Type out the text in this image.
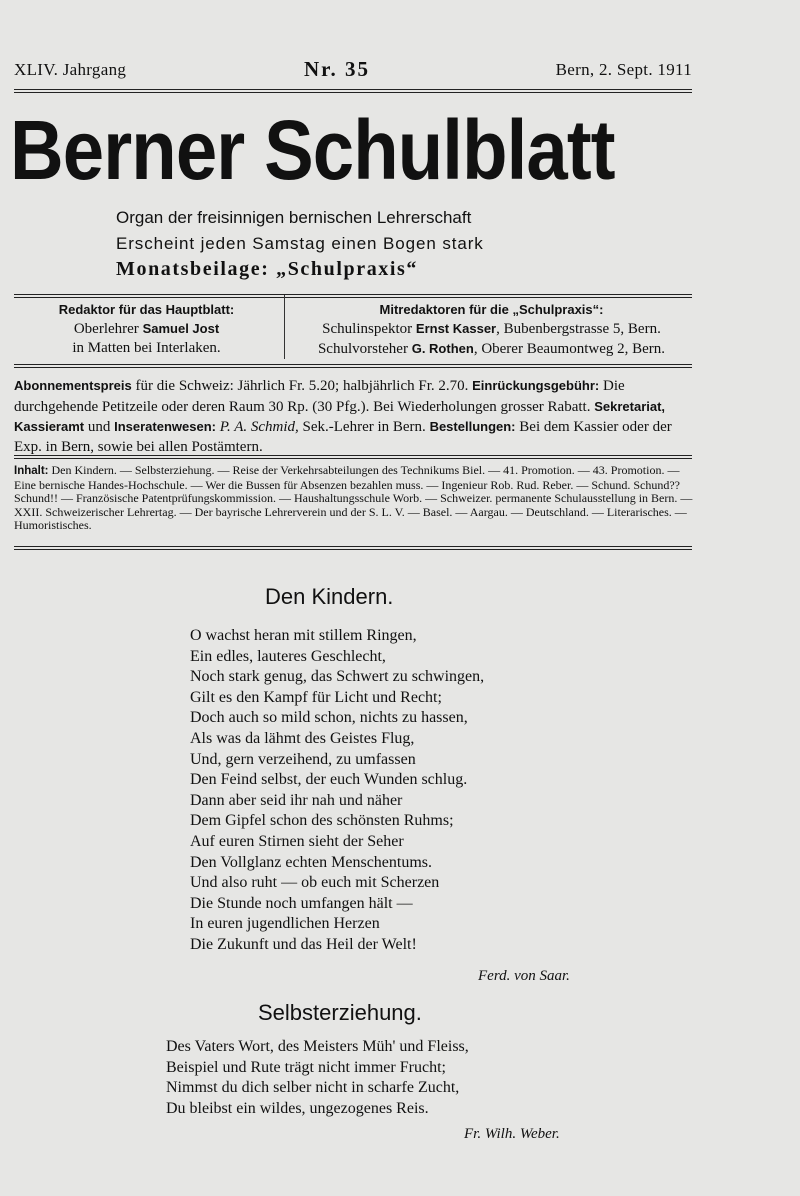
XLIV. Jahrgang	Nr. 35	Bern, 2. Sept. 1911
Berner Schulblatt
Organ der freisinnigen bernischen Lehrerschaft
Erscheint jeden Samstag einen Bogen stark
Monatsbeilage: „Schulpraxis“
Redaktor für das Hauptblatt:
Oberlehrer Samuel Jost
in Matten bei Interlaken.
Mitredaktoren für die „Schulpraxis“:
Schulinspektor Ernst Kasser, Bubenbergstrasse 5, Bern.
Schulvorsteher G. Rothen, Oberer Beaumontweg 2, Bern.

Abonnementspreis für die Schweiz: Jährlich Fr. 5.20; halbjährlich Fr. 2.70. Einrückungsgebühr: Die durchgehende Petitzeile oder deren Raum 30 Rp. (30 Pfg.). Bei Wiederholungen grosser Rabatt. Sekretariat, Kassieramt und Inseratenwesen: P. A. Schmid, Sek.-Lehrer in Bern. Bestellungen: Bei dem Kassier oder der Exp. in Bern, sowie bei allen Postämtern.

Inhalt: Den Kindern. — Selbsterziehung. — Reise der Verkehrsabteilungen des Technikums Biel. — 41. Promotion. — 43. Promotion. — Eine bernische Handes-Hochschule. — Wer die Bussen für Absenzen bezahlen muss. — Ingenieur Rob. Rud. Reber. — Schund. Schund?? Schund!! — Französische Patentprüfungskommission. — Haushaltungsschule Worb. — Schweizer. permanente Schulausstellung in Bern. — XXII. Schweizerischer Lehrertag. — Der bayrische Lehrerverein und der S. L. V. — Basel. — Aargau. — Deutschland. — Literarisches. — Humoristisches.

Den Kindern.
O wachst heran mit stillem Ringen,
Ein edles, lauteres Geschlecht,
Noch stark genug, das Schwert zu schwingen,
Gilt es den Kampf für Licht und Recht;
Doch auch so mild schon, nichts zu hassen,
Als was da lähmt des Geistes Flug,
Und, gern verzeihend, zu umfassen
Den Feind selbst, der euch Wunden schlug.
Dann aber seid ihr nah und näher
Dem Gipfel schon des schönsten Ruhms;
Auf euren Stirnen sieht der Seher
Den Vollglanz echten Menschentums.
Und also ruht — ob euch mit Scherzen
Die Stunde noch umfangen hält —
In euren jugendlichen Herzen
Die Zukunft und das Heil der Welt!
Ferd. von Saar.
Selbsterziehung.
Des Vaters Wort, des Meisters Müh' und Fleiss,
Beispiel und Rute trägt nicht immer Frucht;
Nimmst du dich selber nicht in scharfe Zucht,
Du bleibst ein wildes, ungezogenes Reis.
Fr. Wilh. Weber.
